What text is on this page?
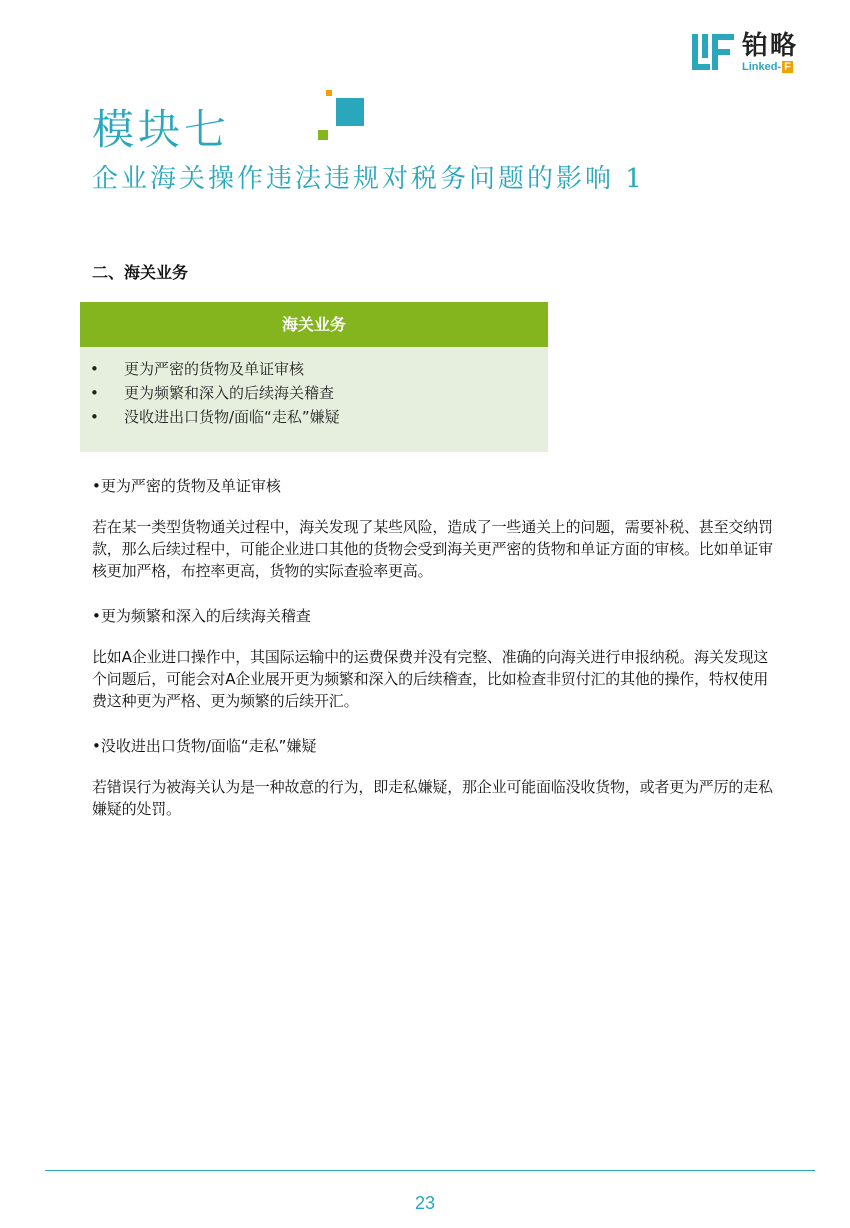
铂略
Linked- F
模块七
企业海关操作违法违规对税务问题的影响 1
二、海关业务
海关业务
• 更为严密的货物及单证审核
• 更为频繁和深入的后续海关稽查
• 没收进出口货物/面临“走私”嫌疑

•更为严密的货物及单证审核

若在某一类型货物通关过程中，海关发现了某些风险，造成了一些通关上的问题，需要补税、甚至交纳罚款，那么后续过程中，可能企业进口其他的货物会受到海关更严密的货物和单证方面的审核。比如单证审核更加严格，布控率更高，货物的实际查验率更高。

•更为频繁和深入的后续海关稽查

比如A企业进口操作中，其国际运输中的运费保费并没有完整、准确的向海关进行申报纳税。海关发现这个问题后，可能会对A企业展开更为频繁和深入的后续稽查，比如检查非贸付汇的其他的操作，特权使用费这种更为严格、更为频繁的后续开汇。

•没收进出口货物/面临“走私”嫌疑

若错误行为被海关认为是一种故意的行为，即走私嫌疑，那企业可能面临没收货物，或者更为严厉的走私嫌疑的处罚。

23
